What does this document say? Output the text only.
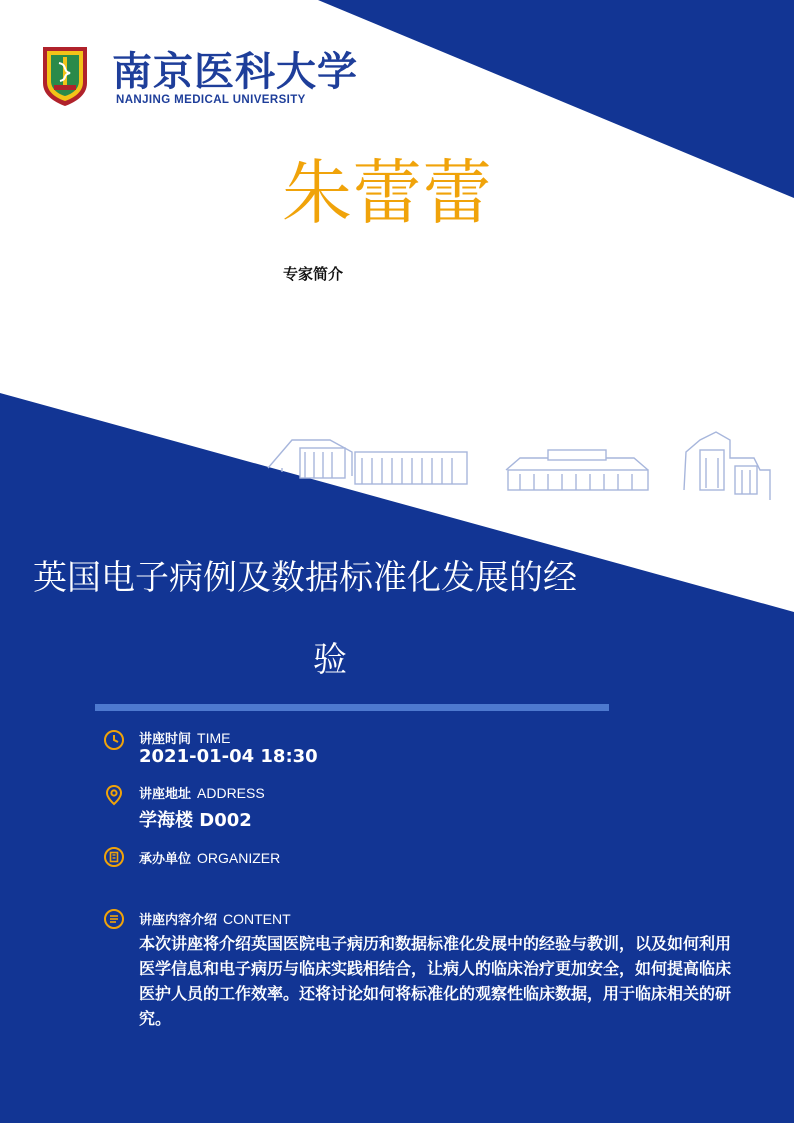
南京医科大学
NANJING MEDICAL UNIVERSITY
朱蕾蕾
专家简介
英国电子病例及数据标准化发展的经
验
讲座时间 TIME
2021-01-04 18:30
讲座地址 ADDRESS
学海楼 D002
承办单位 ORGANIZER
讲座内容介绍 CONTENT
本次讲座将介绍英国医院电子病历和数据标准化发展中的经验与教训，以及如何利用医学信息和电子病历与临床实践相结合，让病人的临床治疗更加安全，如何提高临床医护人员的工作效率。还将讨论如何将标准化的观察性临床数据，用于临床相关的研究。
